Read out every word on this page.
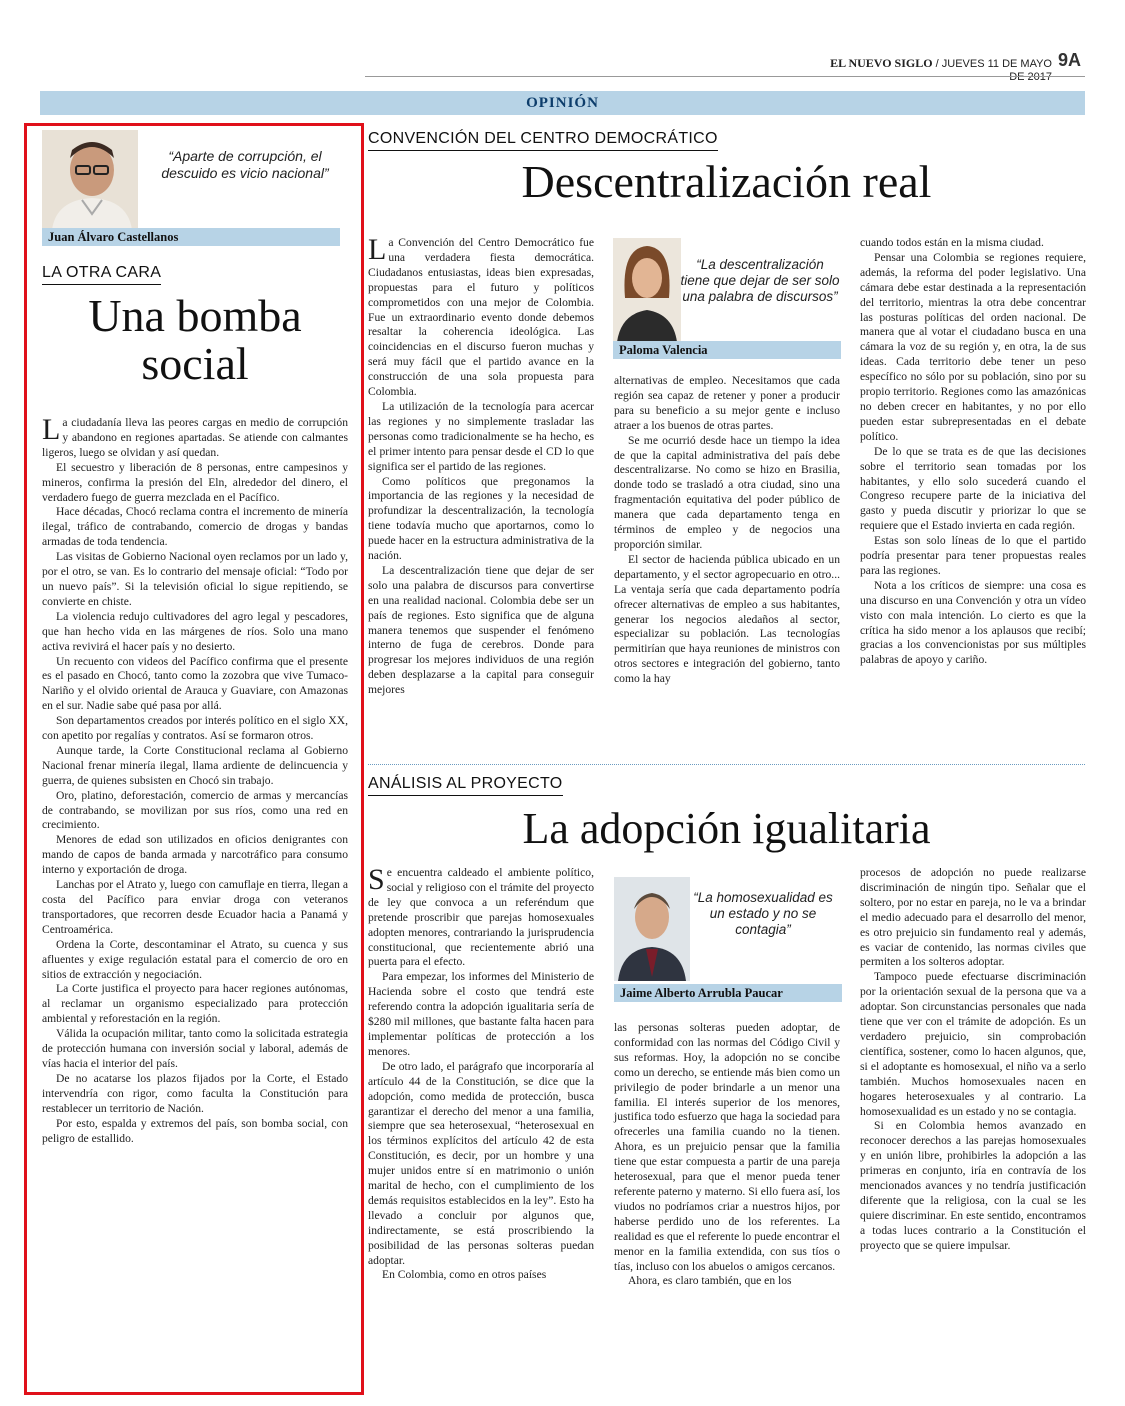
EL NUEVO SIGLO / JUEVES 11 DE MAYO DE 2017
9A
OPINIÓN
“Aparte de corrupción, el descuido es vicio nacional”
Juan Álvaro Castellanos
LA OTRA CARA
Una bomba
social

La ciudadanía lleva las peores cargas en medio de corrupción y abandono en regiones apartadas. Se atiende con calmantes ligeros, luego se olvidan y así quedan.

El secuestro y liberación de 8 personas, entre campesinos y mineros, confirma la presión del Eln, alrededor del dinero, el verdadero fuego de guerra mezclada en el Pacífico.

Hace décadas, Chocó reclama contra el incremento de minería ilegal, tráfico de contrabando, comercio de drogas y bandas armadas de toda tendencia.

Las visitas de Gobierno Nacional oyen reclamos por un lado y, por el otro, se van. Es lo contrario del mensaje oficial: “Todo por un nuevo país”. Si la televisión oficial lo sigue repitiendo, se convierte en chiste.

La violencia redujo cultivadores del agro legal y pescadores, que han hecho vida en las márgenes de ríos. Solo una mano activa revivirá el hacer país y no desierto.

Un recuento con videos del Pacífico confirma que el presente es el pasado en Chocó, tanto como la zozobra que vive Tumaco-Nariño y el olvido oriental de Arauca y Guaviare, con Amazonas en el sur. Nadie sabe qué pasa por allá.

Son departamentos creados por interés político en el siglo XX, con apetito por regalías y contratos. Así se formaron otros.

Aunque tarde, la Corte Constitucional reclama al Gobierno Nacional frenar minería ilegal, llama ardiente de delincuencia y guerra, de quienes subsisten en Chocó sin trabajo.

Oro, platino, deforestación, comercio de armas y mercancías de contrabando, se movilizan por sus ríos, como una red en crecimiento.

Menores de edad son utilizados en oficios denigrantes con mando de capos de banda armada y narcotráfico para consumo interno y exportación de droga.

Lanchas por el Atrato y, luego con camuflaje en tierra, llegan a costa del Pacífico para enviar droga con veteranos transportadores, que recorren desde Ecuador hacia a Panamá y Centroamérica.

Ordena la Corte, descontaminar el Atrato, su cuenca y sus afluentes y exige regulación estatal para el comercio de oro en sitios de extracción y negociación.

La Corte justifica el proyecto para hacer regiones autónomas, al reclamar un organismo especializado para protección ambiental y reforestación en la región.

Válida la ocupación militar, tanto como la solicitada estrategia de protección humana con inversión social y laboral, además de vías hacia el interior del país.

De no acatarse los plazos fijados por la Corte, el Estado intervendría con rigor, como faculta la Constitución para restablecer un territorio de Nación.

Por esto, espalda y extremos del país, son bomba social, con peligro de estallido.

CONVENCIÓN DEL CENTRO DEMOCRÁTICO
Descentralización real

La Convención del Centro Democrático fue una verdadera fiesta democrática. Ciudadanos entusiastas, ideas bien expresadas, propuestas para el futuro y políticos comprometidos con una mejor de Colombia. Fue un extraordinario evento donde debemos resaltar la coherencia ideológica. Las coincidencias en el discurso fueron muchas y será muy fácil que el partido avance en la construcción de una sola propuesta para Colombia.

La utilización de la tecnología para acercar las regiones y no simplemente trasladar las personas como tradicionalmente se ha hecho, es el primer intento para pensar desde el CD lo que significa ser el partido de las regiones.

Como políticos que pregonamos la importancia de las regiones y la necesidad de profundizar la descentralización, la tecnología tiene todavía mucho que aportarnos, como lo puede hacer en la estructura administrativa de la nación.

La descentralización tiene que dejar de ser solo una palabra de discursos para convertirse en una realidad nacional. Colombia debe ser un país de regiones. Esto significa que de alguna manera tenemos que suspender el fenómeno interno de fuga de cerebros. Donde para progresar los mejores individuos de una región deben desplazarse a la capital para conseguir mejores

“La descentralización tiene que dejar de ser solo una palabra de discursos”
Paloma Valencia

alternativas de empleo. Necesitamos que cada región sea capaz de retener y poner a producir para su beneficio a su mejor gente e incluso atraer a los buenos de otras partes.

Se me ocurrió desde hace un tiempo la idea de que la capital administrativa del país debe descentralizarse. No como se hizo en Brasilia, donde todo se trasladó a otra ciudad, sino una fragmentación equitativa del poder público de manera que cada departamento tenga en términos de empleo y de negocios una proporción similar.

El sector de hacienda pública ubicado en un departamento, y el sector agropecuario en otro... La ventaja sería que cada departamento podría ofrecer alternativas de empleo a sus habitantes, generar los negocios aledaños al sector, especializar su población. Las tecnologías permitirían que haya reuniones de ministros con otros sectores e integración del gobierno, tanto como la hay

cuando todos están en la misma ciudad.

Pensar una Colombia se regiones requiere, además, la reforma del poder legislativo. Una cámara debe estar destinada a la representación del territorio, mientras la otra debe concentrar las posturas políticas del orden nacional. De manera que al votar el ciudadano busca en una cámara la voz de su región y, en otra, la de sus ideas. Cada territorio debe tener un peso específico no sólo por su población, sino por su propio territorio. Regiones como las amazónicas no deben crecer en habitantes, y no por ello pueden estar subrepresentadas en el debate político.

De lo que se trata es de que las decisiones sobre el territorio sean tomadas por los habitantes, y ello solo sucederá cuando el Congreso recupere parte de la iniciativa del gasto y pueda discutir y priorizar lo que se requiere que el Estado invierta en cada región.

Estas son solo líneas de lo que el partido podría presentar para tener propuestas reales para las regiones.

Nota a los críticos de siempre: una cosa es una discurso en una Convención y otra un vídeo visto con mala intención. Lo cierto es que la crítica ha sido menor a los aplausos que recibí; gracias a los convencionistas por sus múltiples palabras de apoyo y cariño.

ANÁLISIS AL PROYECTO
La adopción igualitaria

Se encuentra caldeado el ambiente político, social y religioso con el trámite del proyecto de ley que convoca a un referéndum que pretende proscribir que parejas homosexuales adopten menores, contrariando la jurisprudencia constitucional, que recientemente abrió una puerta para el efecto.

Para empezar, los informes del Ministerio de Hacienda sobre el costo que tendrá este referendo contra la adopción igualitaria sería de $280 mil millones, que bastante falta hacen para implementar políticas de protección a los menores.

De otro lado, el parágrafo que incorporaría al artículo 44 de la Constitución, se dice que la adopción, como medida de protección, busca garantizar el derecho del menor a una familia, siempre que sea heterosexual, “heterosexual en los términos explícitos del artículo 42 de esta Constitución, es decir, por un hombre y una mujer unidos entre sí en matrimonio o unión marital de hecho, con el cumplimiento de los demás requisitos establecidos en la ley”. Esto ha llevado a concluir por algunos que, indirectamente, se está proscribiendo la posibilidad de las personas solteras puedan adoptar.

En Colombia, como en otros países

“La homosexualidad es un estado y no se contagia”
Jaime Alberto Arrubla Paucar

las personas solteras pueden adoptar, de conformidad con las normas del Código Civil y sus reformas. Hoy, la adopción no se concibe como un derecho, se entiende más bien como un privilegio de poder brindarle a un menor una familia. El interés superior de los menores, justifica todo esfuerzo que haga la sociedad para ofrecerles una familia cuando no la tienen. Ahora, es un prejuicio pensar que la familia tiene que estar compuesta a partir de una pareja heterosexual, para que el menor pueda tener referente paterno y materno. Si ello fuera así, los viudos no podríamos criar a nuestros hijos, por haberse perdido uno de los referentes. La realidad es que el referente lo puede encontrar el menor en la familia extendida, con sus tíos o tías, incluso con los abuelos o amigos cercanos.

Ahora, es claro también, que en los

procesos de adopción no puede realizarse discriminación de ningún tipo. Señalar que el soltero, por no estar en pareja, no le va a brindar el medio adecuado para el desarrollo del menor, es otro prejuicio sin fundamento real y además, es vaciar de contenido, las normas civiles que permiten a los solteros adoptar.

Tampoco puede efectuarse discriminación por la orientación sexual de la persona que va a adoptar. Son circunstancias personales que nada tiene que ver con el trámite de adopción. Es un verdadero prejuicio, sin comprobación científica, sostener, como lo hacen algunos, que, si el adoptante es homosexual, el niño va a serlo también. Muchos homosexuales nacen en hogares heterosexuales y al contrario. La homosexualidad es un estado y no se contagia.

Si en Colombia hemos avanzado en reconocer derechos a las parejas homosexuales y en unión libre, prohibirles la adopción a las primeras en conjunto, iría en contravía de los mencionados avances y no tendría justificación diferente que la religiosa, con la cual se les quiere discriminar. En este sentido, encontramos a todas luces contrario a la Constitución el proyecto que se quiere impulsar.
